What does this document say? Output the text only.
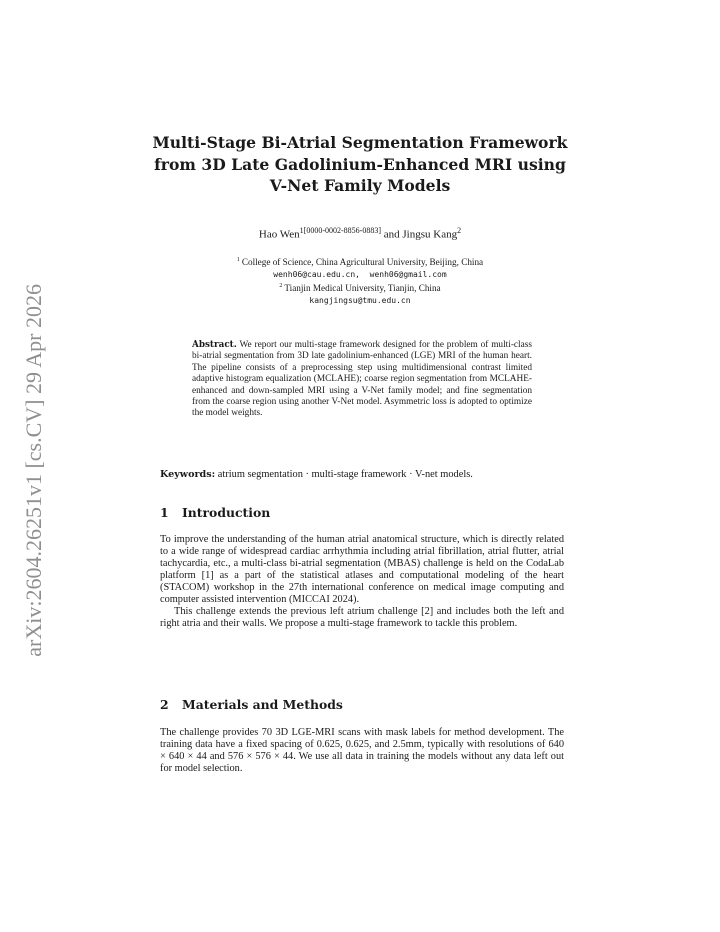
arXiv:2604.26251v1 [cs.CV] 29 Apr 2026
Multi-Stage Bi-Atrial Segmentation Framework
from 3D Late Gadolinium-Enhanced MRI using
V-Net Family Models
Hao Wen$^{1[0000-0002-8856-0883]}$ and Jingsu Kang$^2$
$^1$ College of Science, China Agricultural University, Beijing, China
wenh06@cau.edu.cn,  wenh06@gmail.com
$^2$ Tianjin Medical University, Tianjin, China
kangjingsu@tmu.edu.cn
Abstract. We report our multi-stage framework designed for the problem of multi-class bi-atrial segmentation from 3D late gadolinium-enhanced (LGE) MRI of the human heart. The pipeline consists of a preprocessing step using multidimensional contrast limited adaptive histogram equalization (MCLAHE); coarse region segmentation from MCLAHE-enhanced and down-sampled MRI using a V-Net family model; and fine segmentation from the coarse region using another V-Net model. Asymmetric loss is adopted to optimize the model weights.
Keywords: atrium segmentation · multi-stage framework · V-net models.
1 Introduction

To improve the understanding of the human atrial anatomical structure, which is directly related to a wide range of widespread cardiac arrhythmia including atrial fibrillation, atrial flutter, atrial tachycardia, etc., a multi-class bi-atrial segmentation (MBAS) challenge is held on the CodaLab platform [1] as a part of the statistical atlases and computational modeling of the heart (STACOM) workshop in the 27th international conference on medical image computing and computer assisted intervention (MICCAI 2024).

This challenge extends the previous left atrium challenge [2] and includes both the left and right atria and their walls. We propose a multi-stage framework to tackle this problem.

2 Materials and Methods

The challenge provides 70 3D LGE-MRI scans with mask labels for method development. The training data have a fixed spacing of 0.625, 0.625, and 2.5mm, typically with resolutions of 640 × 640 × 44 and 576 × 576 × 44. We use all data in training the models without any data left out for model selection.
